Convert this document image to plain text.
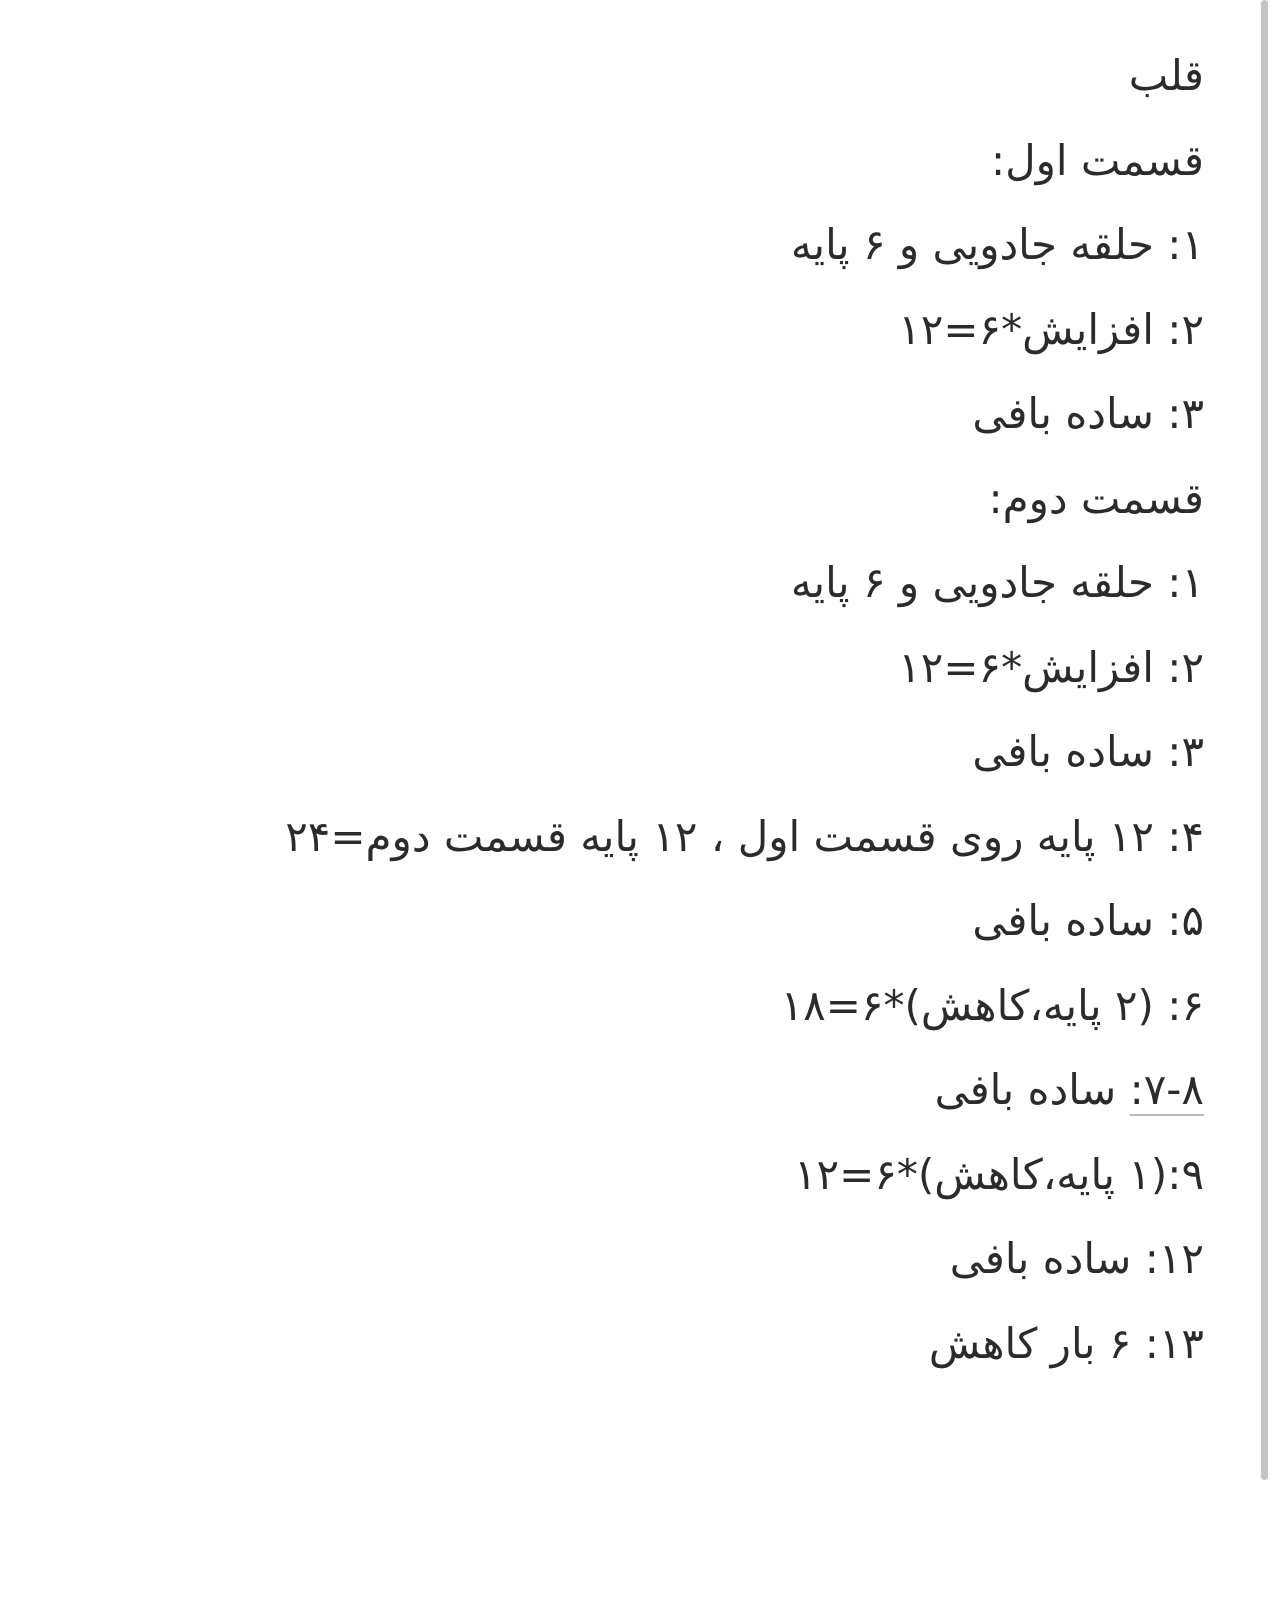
قلب
قسمت اول:
۱: حلقه جادویی و ۶ پایه
۲: افزایش*۶=۱۲
۳: ساده بافی
قسمت دوم:
۱: حلقه جادویی و ۶ پایه
۲: افزایش*۶=۱۲
۳: ساده بافی
۴: ۱۲ پایه روی قسمت اول ، ۱۲ پایه قسمت دوم=۲۴
۵: ساده بافی
۶: (۲ پایه،کاهش)*۶=۱۸
۷-۸: ساده بافی
۹:(۱ پایه،کاهش)*۶=۱۲
۱۲: ساده بافی
۱۳: ۶ بار کاهش
